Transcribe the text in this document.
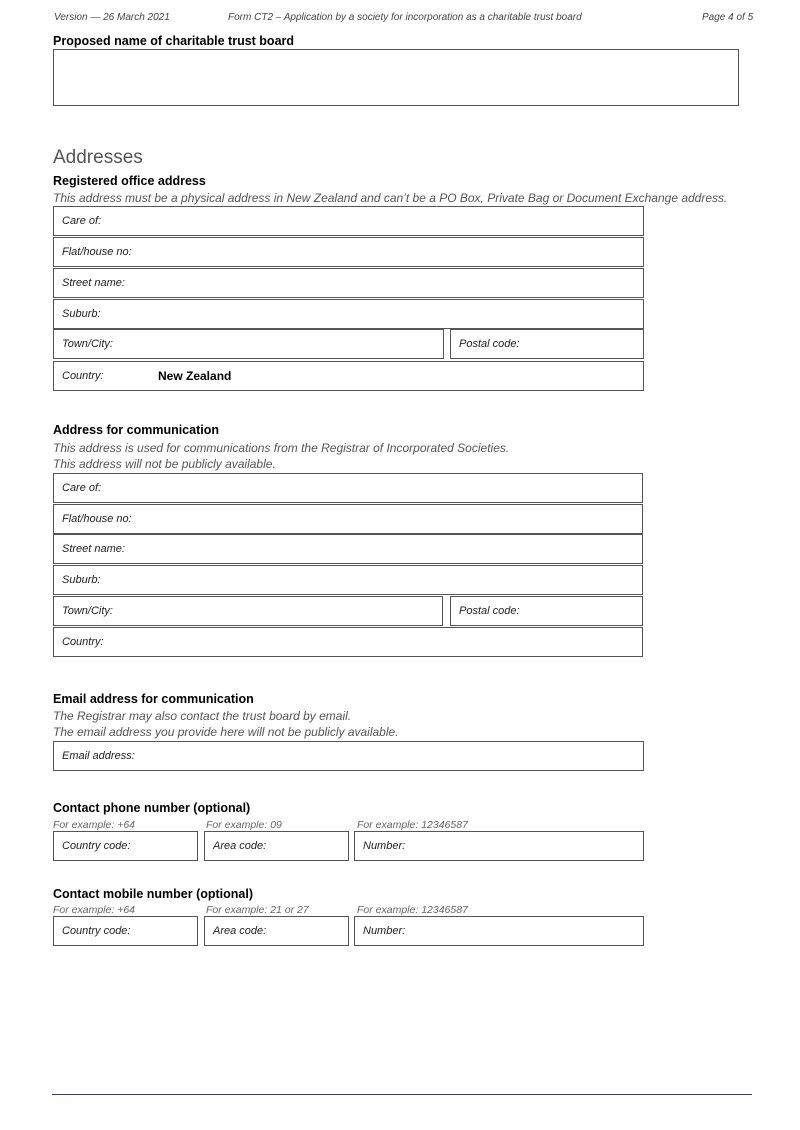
Version — 26 March 2021	Form CT2 – Application by a society for incorporation as a charitable trust board	Page 4 of 5
Proposed name of charitable trust board
Addresses
Registered office address
This address must be a physical address in New Zealand and can’t be a PO Box, Private Bag or Document Exchange address.
Care of:
Flat/house no:
Street name:
Suburb:
Town/City:	Postal code:
Country:	New Zealand
Address for communication
This address is used for communications from the Registrar of Incorporated Societies.
This address will not be publicly available.
Care of:
Flat/house no:
Street name:
Suburb:
Town/City:	Postal code:
Country:
Email address for communication
The Registrar may also contact the trust board by email.
The email address you provide here will not be publicly available.
Email address:
Contact phone number (optional)
For example: +64	For example: 09	For example: 12346587
Country code:	Area code:	Number:
Contact mobile number (optional)
For example: +64	For example: 21 or 27	For example: 12346587
Country code:	Area code:	Number:
